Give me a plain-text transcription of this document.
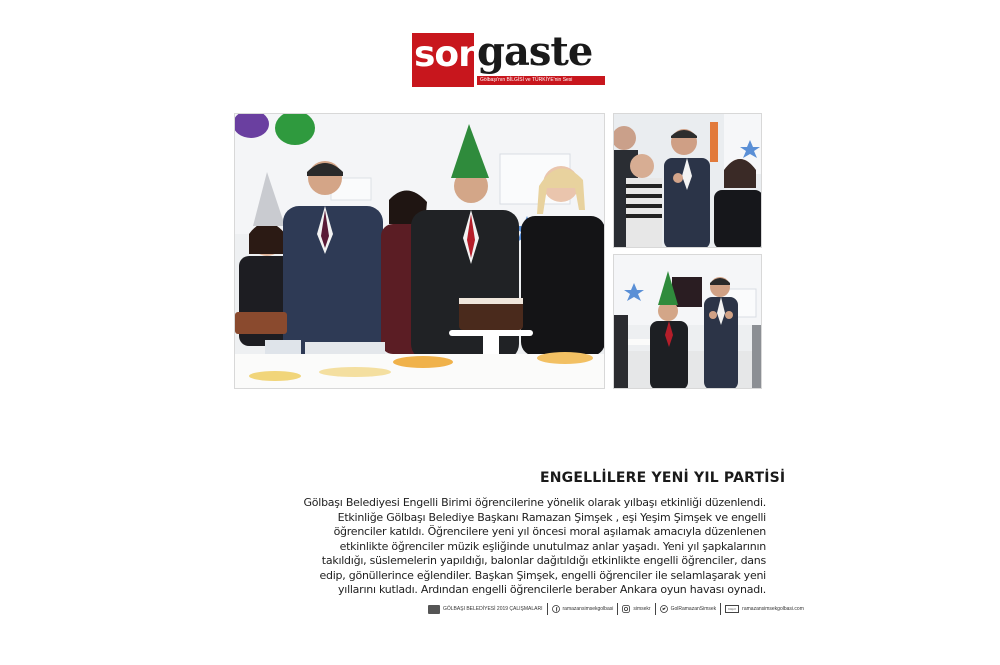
son
gaste
Gölbaşı'nın BİLGİSİ ve TÜRKİYE'nin Sesi
ENGELLİLERE YENİ YIL PARTİSİ

Gölbaşı Belediyesi Engelli Birimi öğrencilerine yönelik olarak yılbaşı etkinliği düzenlendi.
Etkinliğe Gölbaşı Belediye Başkanı Ramazan Şimşek , eşi Yeşim Şimşek ve engelli
öğrenciler katıldı. Öğrencilere yeni yıl öncesi moral aşılamak amacıyla düzenlenen
etkinlikte öğrenciler müzik eşliğinde unutulmaz anlar yaşadı. Yeni yıl şapkalarının
takıldığı, süslemelerin yapıldığı, balonlar dağıtıldığı etkinlikte engelli öğrenciler, dans
edip, gönüllerince eğlendiler. Başkan Şimşek, engelli öğrenciler ile selamlaşarak yeni
yıllarını kutladı. Ardından engelli öğrencilerle beraber Ankara oyun havası oynadı.

GÖLBAŞI BELEDİYESİ 2019 ÇALIŞMALARI	ramazansimsekgolbasi	simsekr	GolRamazanSimsek	http://	ramazansimsekgolbasi.com
